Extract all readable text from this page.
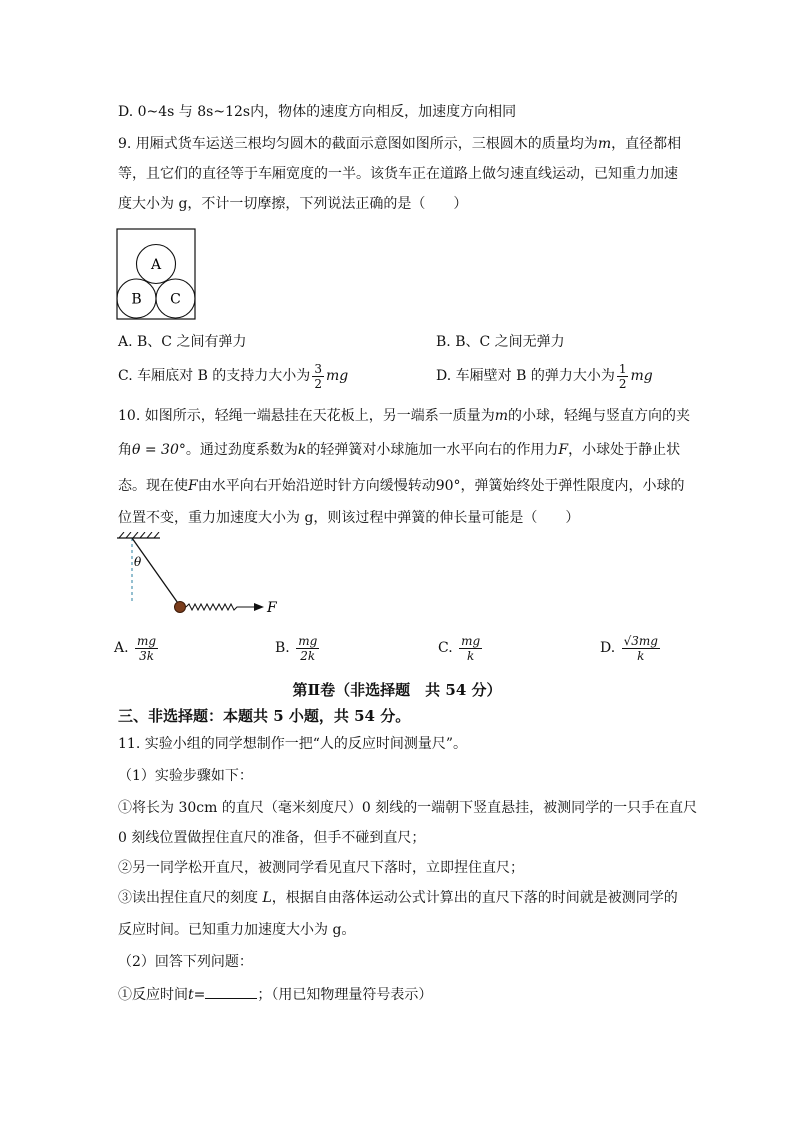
D. 0~4s 与 8s~12s内，物体的速度方向相反，加速度方向相同
9. 用厢式货车运送三根均匀圆木的截面示意图如图所示，三根圆木的质量均为m，直径都相
等，且它们的直径等于车厢宽度的一半。该货车正在道路上做匀速直线运动，已知重力加速
度大小为 g，不计一切摩擦，下列说法正确的是（　　）
A
B C
A. B、C 之间有弹力	B. B、C 之间无弹力
C. 车厢底对 B 的支持力大小为 $\frac{3}{2}$ mg	D. 车厢壁对 B 的弹力大小为 $\frac{1}{2}$ mg
10. 如图所示，轻绳一端悬挂在天花板上，另一端系一质量为m的小球，轻绳与竖直方向的夹
角θ = 30°。通过劲度系数为k的轻弹簧对小球施加一水平向右的作用力F，小球处于静止状
态。现在使F由水平向右开始沿逆时针方向缓慢转动90°，弹簧始终处于弹性限度内，小球的
位置不变，重力加速度大小为 g，则该过程中弹簧的伸长量可能是（　　）
θ
F
A. $\frac{mg}{3k}$	B. $\frac{mg}{2k}$	C. $\frac{mg}{k}$	D. $\frac{√3mg}{k}$
第Ⅱ卷（非选择题　共 54 分）
三、非选择题：本题共 5 小题，共 54 分。
11. 实验小组的同学想制作一把“人的反应时间测量尺”。
（1）实验步骤如下：
①将长为 30cm 的直尺（毫米刻度尺）0 刻线的一端朝下竖直悬挂，被测同学的一只手在直尺
0 刻线位置做捏住直尺的准备，但手不碰到直尺；
②另一同学松开直尺，被测同学看见直尺下落时，立即捏住直尺；
③读出捏住直尺的刻度 L，根据自由落体运动公式计算出的直尺下落的时间就是被测同学的
反应时间。已知重力加速度大小为 g。
（2）回答下列问题：
①反应时间t=	；（用已知物理量符号表示）
